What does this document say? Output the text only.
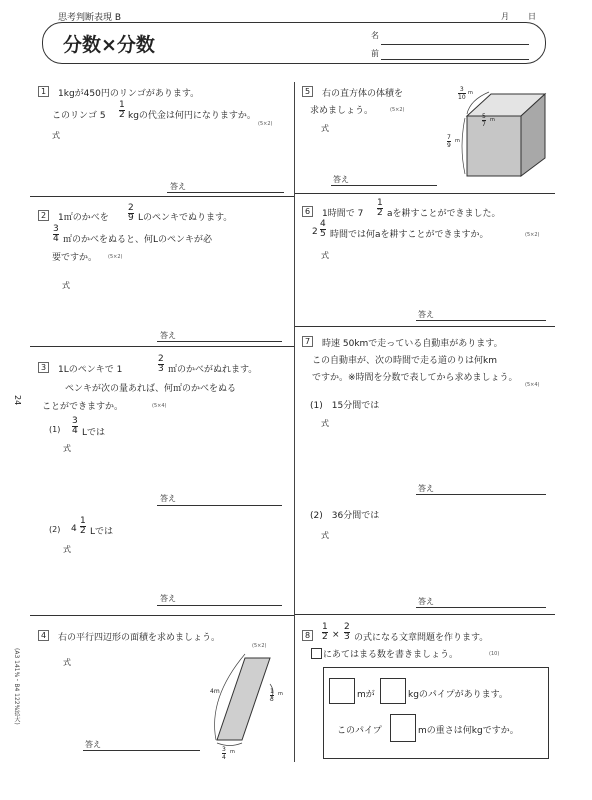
思考判断表現 B	月 日
分数×分数	名
前
24
(A3 141%・B4 122%拡大)
1	1kgが450円のリンゴがあります。
このリンゴ 5
1
2 kgの代金は何円になりますか。
(5×2)
式
答え
2	1㎡のかべを
2
9 Lのペンキでぬります。
3
4 ㎡のかべをぬると、何Lのペンキが必
要ですか。 (5×2)
式
答え
3	1Lのペンキで 1
2
3 ㎡のかべがぬれます。
ペンキが次の量あれば、何㎡のかべをぬる
ことができますか。	(5×4)
(1)
3
4 Lでは
式
答え
(2) 4
1
2 Lでは
式
答え
4	右の平行四辺形の面積を求めましょう。
(5×2)
式
答え
4m	1
3
m
3
4
m
5	右の直方体の体積を
求めましょう。	(5×2)
式
答え
3
10
m
5
7
m
7
9
m
6	1時間で 7
1
2 aを耕すことができました。
2
4
5 時間では何aを耕すことができますか。	(5×2)
式
答え
7	時速 50kmで走っている自動車があります。
この自動車が、次の時間で走る道のりは何km
ですか。※時間を分数で表してから求めましょう。
(5×4)
(1)　15分間では
式
答え
(2)　36分間では
式
答え
8
1
2 ×
2
3 の式になる文章問題を作ります。
にあてはまる数を書きましょう。	(10)
mが	kgのパイプがあります。
このパイプ	mの重さは何kgですか。
